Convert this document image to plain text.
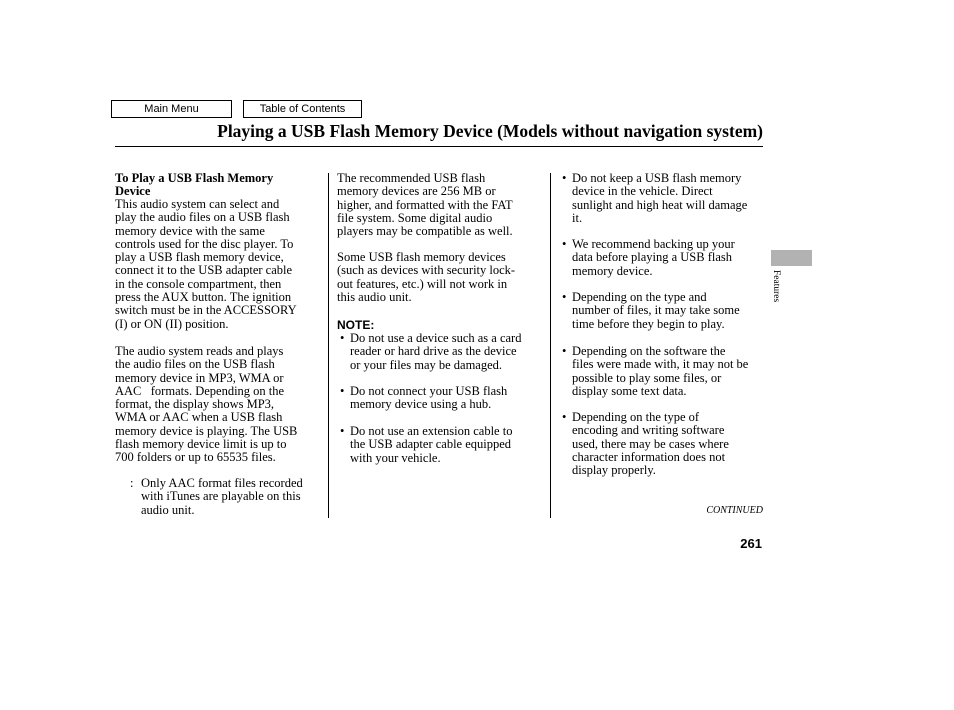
Main Menu	Table of Contents
Playing a USB Flash Memory Device (Models without navigation system)
To Play a USB Flash Memory
Device
This audio system can select and
play the audio files on a USB flash
memory device with the same
controls used for the disc player. To
play a USB flash memory device,
connect it to the USB adapter cable
in the console compartment, then
press the AUX button. The ignition
switch must be in the ACCESSORY
(I) or ON (II) position.
The audio system reads and plays
the audio files on the USB flash
memory device in MP3, WMA or
AAC   formats. Depending on the
format, the display shows MP3,
WMA or AAC when a USB flash
memory device is playing. The USB
flash memory device limit is up to
700 folders or up to 65535 files.
: Only AAC format files recorded
with iTunes are playable on this
audio unit.
The recommended USB flash
memory devices are 256 MB or
higher, and formatted with the FAT
file system. Some digital audio
players may be compatible as well.
Some USB flash memory devices
(such as devices with security lock-
out features, etc.) will not work in
this audio unit.
NOTE:
• Do not use a device such as a card
reader or hard drive as the device
or your files may be damaged.
• Do not connect your USB flash
memory device using a hub.
• Do not use an extension cable to
the USB adapter cable equipped
with your vehicle.
• Do not keep a USB flash memory
device in the vehicle. Direct
sunlight and high heat will damage
it.
• We recommend backing up your
data before playing a USB flash
memory device.
• Depending on the type and
number of files, it may take some
time before they begin to play.
• Depending on the software the
files were made with, it may not be
possible to play some files, or
display some text data.
• Depending on the type of
encoding and writing software
used, there may be cases where
character information does not
display properly.
CONTINUED
261
Features
